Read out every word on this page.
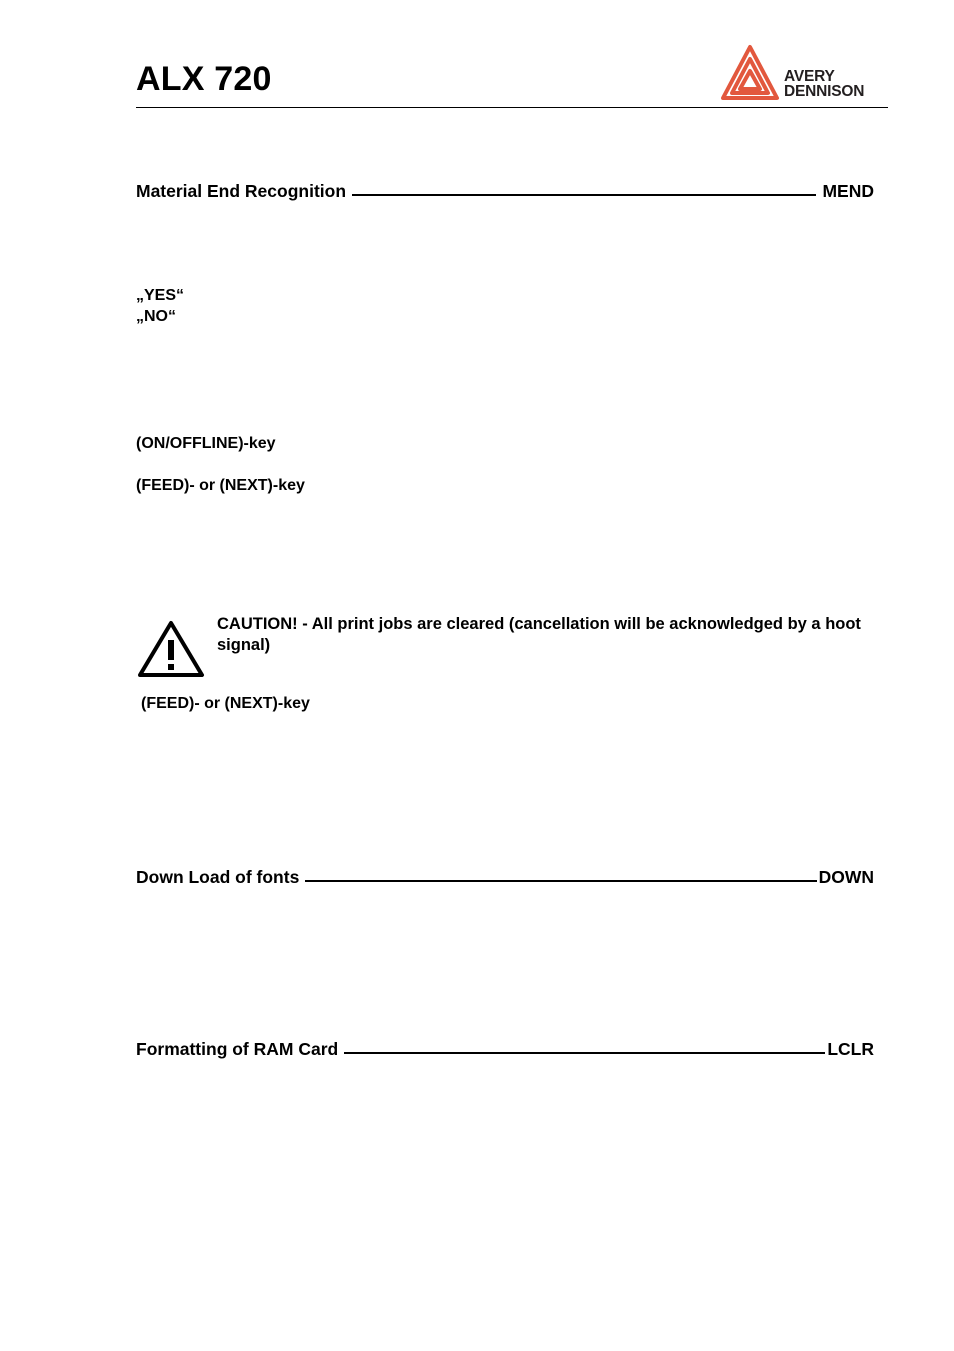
ALX 720	AVERY
DENNISON
Material End Recognition	MEND
„YES“
„NO“
(ON/OFFLINE)-key
(FEED)- or (NEXT)-key
CAUTION! - All print jobs are cleared (cancellation will be acknowledged by a hoot signal)
(FEED)- or (NEXT)-key
Down Load of fonts	DOWN
Formatting of RAM Card	LCLR
